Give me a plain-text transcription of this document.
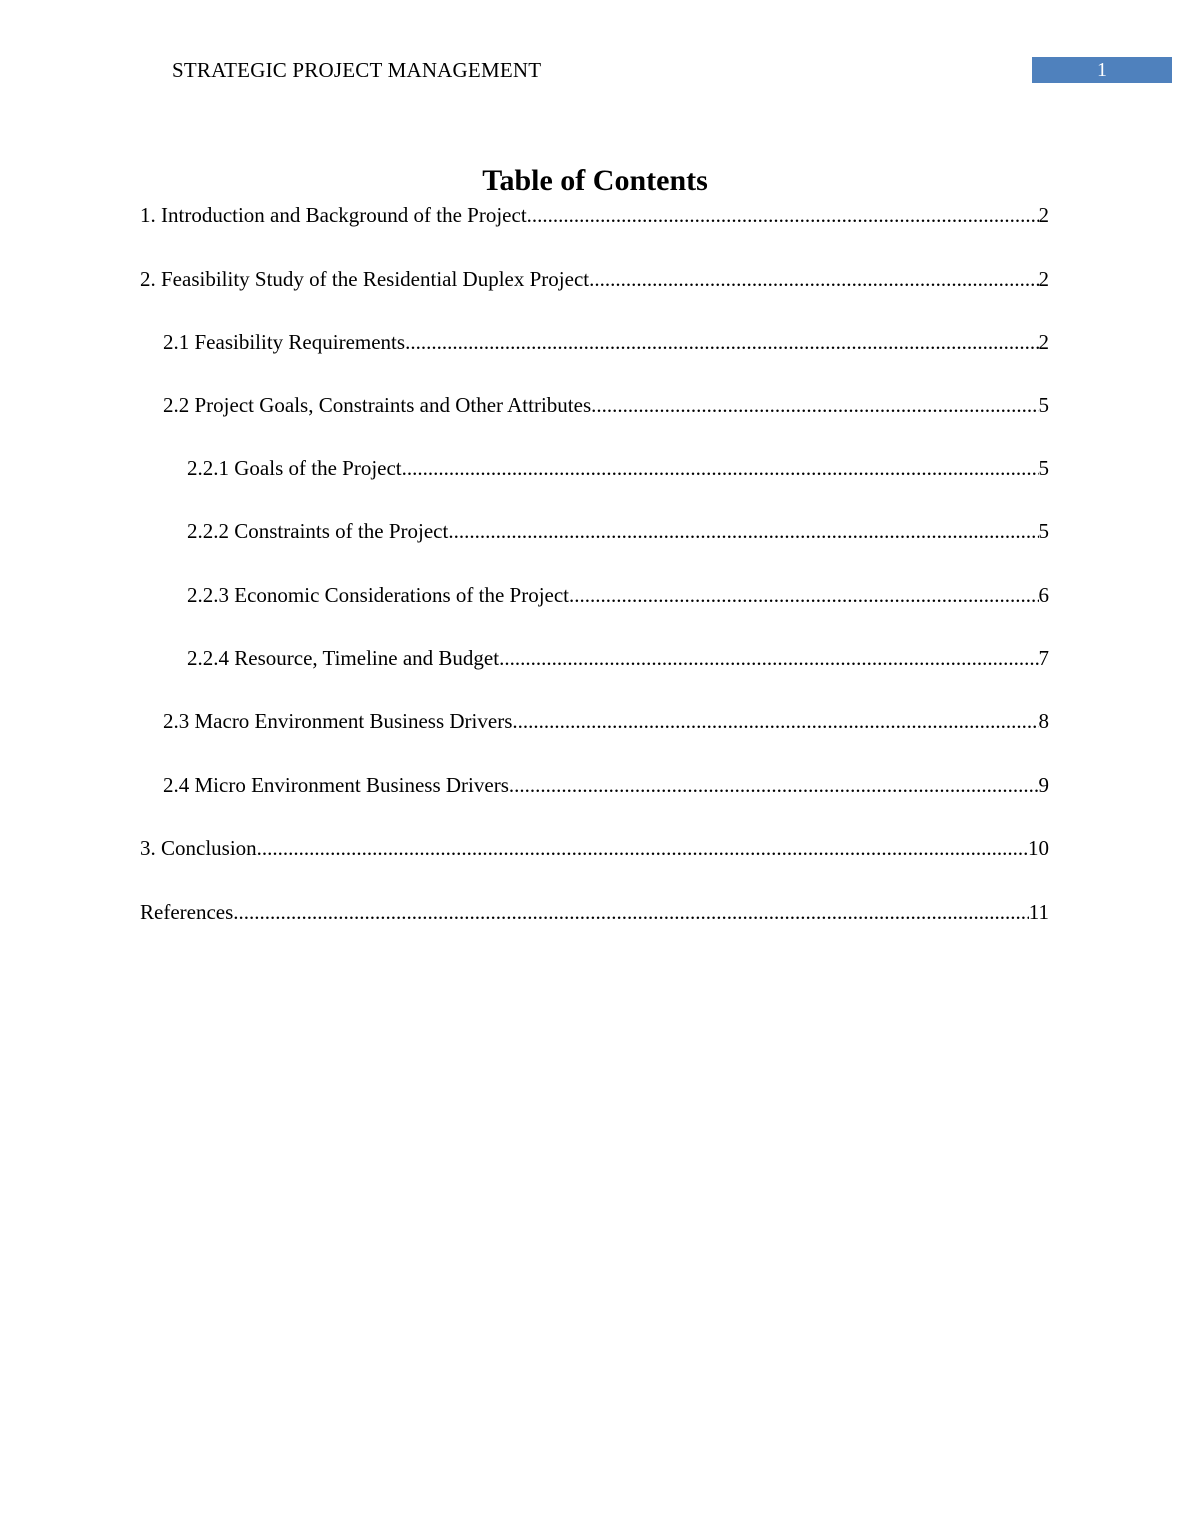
STRATEGIC PROJECT MANAGEMENT	1
Table of Contents
1. Introduction and Background of the Project .....	2
2. Feasibility Study of the Residential Duplex Project .....	2
2.1 Feasibility Requirements .....	2
2.2 Project Goals, Constraints and Other Attributes .....	5
2.2.1 Goals of the Project .....	5
2.2.2 Constraints of the Project .....	5
2.2.3 Economic Considerations of the Project .....	6
2.2.4 Resource, Timeline and Budget .....	7
2.3 Macro Environment Business Drivers .....	8
2.4 Micro Environment Business Drivers .....	9
3. Conclusion .....	10
References .....	11
